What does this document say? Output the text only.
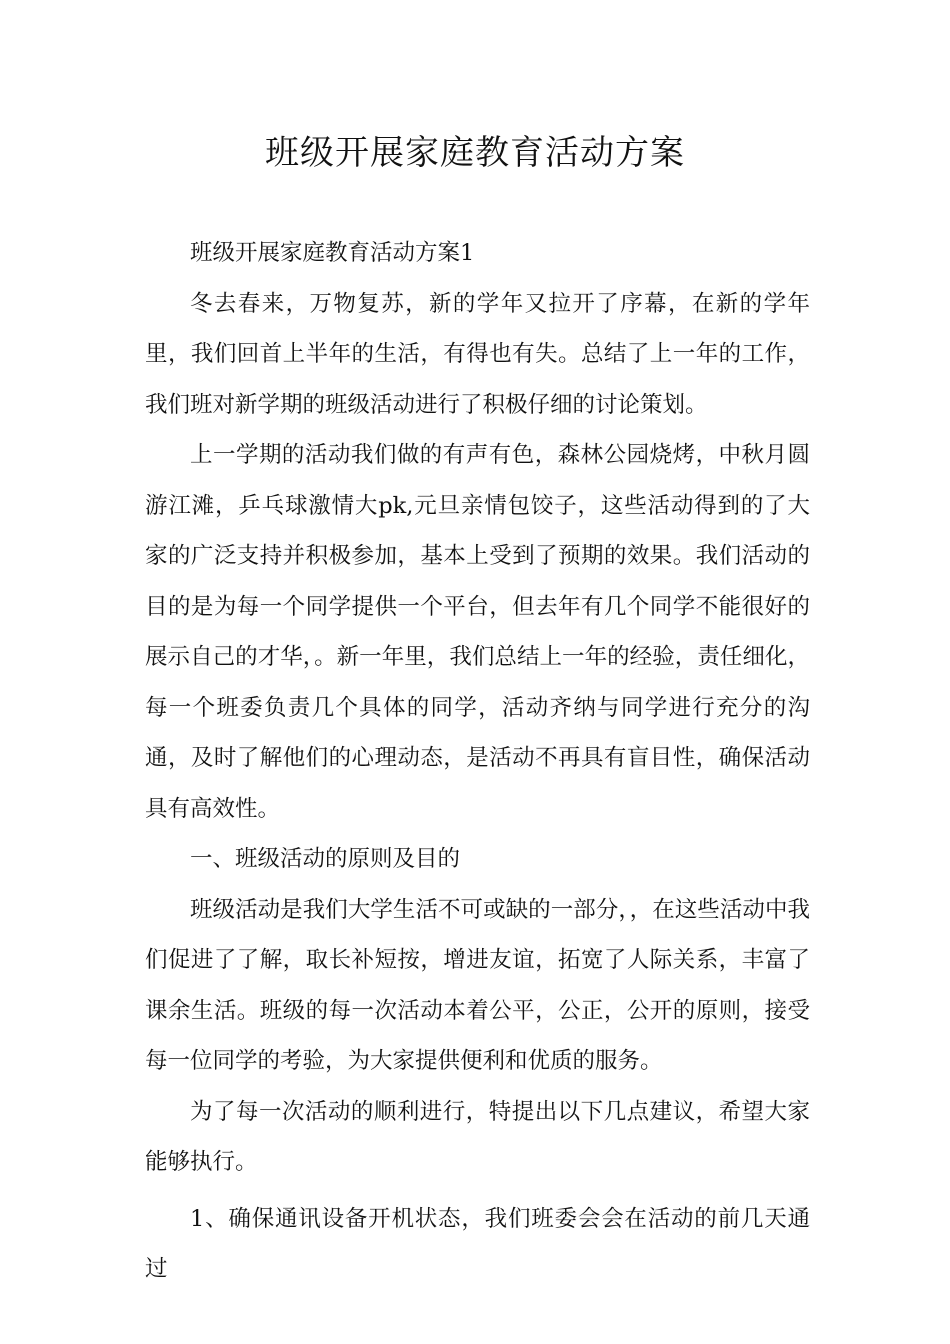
班级开展家庭教育活动方案

班级开展家庭教育活动方案1

冬去春来，万物复苏，新的学年又拉开了序幕，在新的学年里，我们回首上半年的生活，有得也有失。总结了上一年的工作，我们班对新学期的班级活动进行了积极仔细的讨论策划。

上一学期的活动我们做的有声有色，森林公园烧烤，中秋月圆游江滩，乒乓球激情大pk,元旦亲情包饺子，这些活动得到的了大家的广泛支持并积极参加，基本上受到了预期的效果。我们活动的目的是为每一个同学提供一个平台，但去年有几个同学不能很好的展示自己的才华，。新一年里，我们总结上一年的经验，责任细化，每一个班委负责几个具体的同学，活动齐纳与同学进行充分的沟通，及时了解他们的心理动态，是活动不再具有盲目性，确保活动具有高效性。

一、班级活动的原则及目的

班级活动是我们大学生活不可或缺的一部分，，在这些活动中我们促进了了解，取长补短按，增进友谊，拓宽了人际关系，丰富了课余生活。班级的每一次活动本着公平，公正，公开的原则，接受每一位同学的考验，为大家提供便利和优质的服务。

为了每一次活动的顺利进行，特提出以下几点建议，希望大家能够执行。

1、确保通讯设备开机状态，我们班委会会在活动的前几天通过
